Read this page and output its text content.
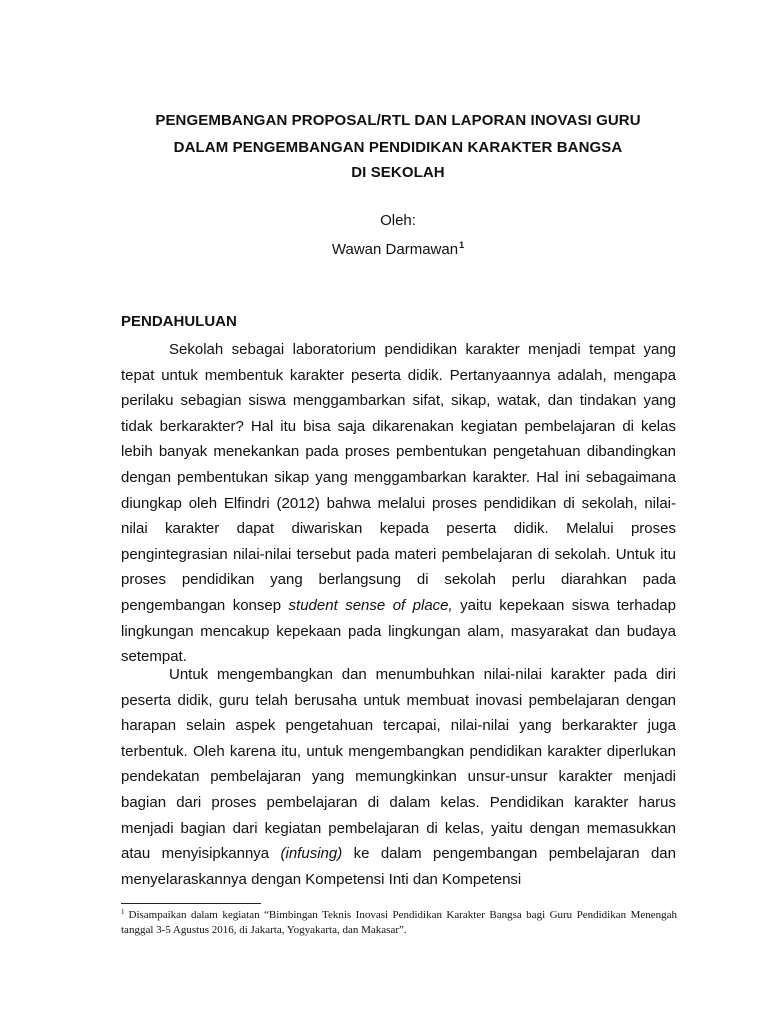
PENGEMBANGAN PROPOSAL/RTL DAN LAPORAN INOVASI GURU
DALAM PENGEMBANGAN PENDIDIKAN KARAKTER BANGSA
DI SEKOLAH
Oleh:
Wawan Darmawan$^1$
PENDAHULUAN

Sekolah sebagai laboratorium pendidikan karakter menjadi tempat yang tepat untuk membentuk karakter peserta didik. Pertanyaannya adalah, mengapa perilaku sebagian siswa menggambarkan sifat, sikap, watak, dan tindakan yang tidak berkarakter? Hal itu bisa saja dikarenakan kegiatan pembelajaran di kelas lebih banyak menekankan pada proses pembentukan pengetahuan dibandingkan dengan pembentukan sikap yang menggambarkan karakter. Hal ini sebagaimana diungkap oleh Elfindri (2012) bahwa melalui proses pendidikan di sekolah, nilai-nilai karakter dapat diwariskan kepada peserta didik. Melalui proses pengintegrasian nilai-nilai tersebut pada materi pembelajaran di sekolah. Untuk itu proses pendidikan yang berlangsung di sekolah perlu diarahkan pada pengembangan konsep student sense of place, yaitu kepekaan siswa terhadap lingkungan mencakup kepekaan pada lingkungan alam, masyarakat dan budaya setempat.

Untuk mengembangkan dan menumbuhkan nilai-nilai karakter pada diri peserta didik, guru telah berusaha untuk membuat inovasi pembelajaran dengan harapan selain aspek pengetahuan tercapai, nilai-nilai yang berkarakter juga terbentuk. Oleh karena itu, untuk mengembangkan pendidikan karakter diperlukan pendekatan pembelajaran yang memungkinkan unsur-unsur karakter menjadi bagian dari proses pembelajaran di dalam kelas. Pendidikan karakter harus menjadi bagian dari kegiatan pembelajaran di kelas, yaitu dengan memasukkan atau menyisipkannya (infusing) ke dalam pengembangan pembelajaran dan menyelaraskannya dengan Kompetensi Inti dan Kompetensi

$^1$ Disampaikan dalam kegiatan “Bimbingan Teknis Inovasi Pendidikan Karakter Bangsa bagi Guru Pendidikan Menengah tanggal 3-5 Agustus 2016, di Jakarta, Yogyakarta, dan Makasar”.
